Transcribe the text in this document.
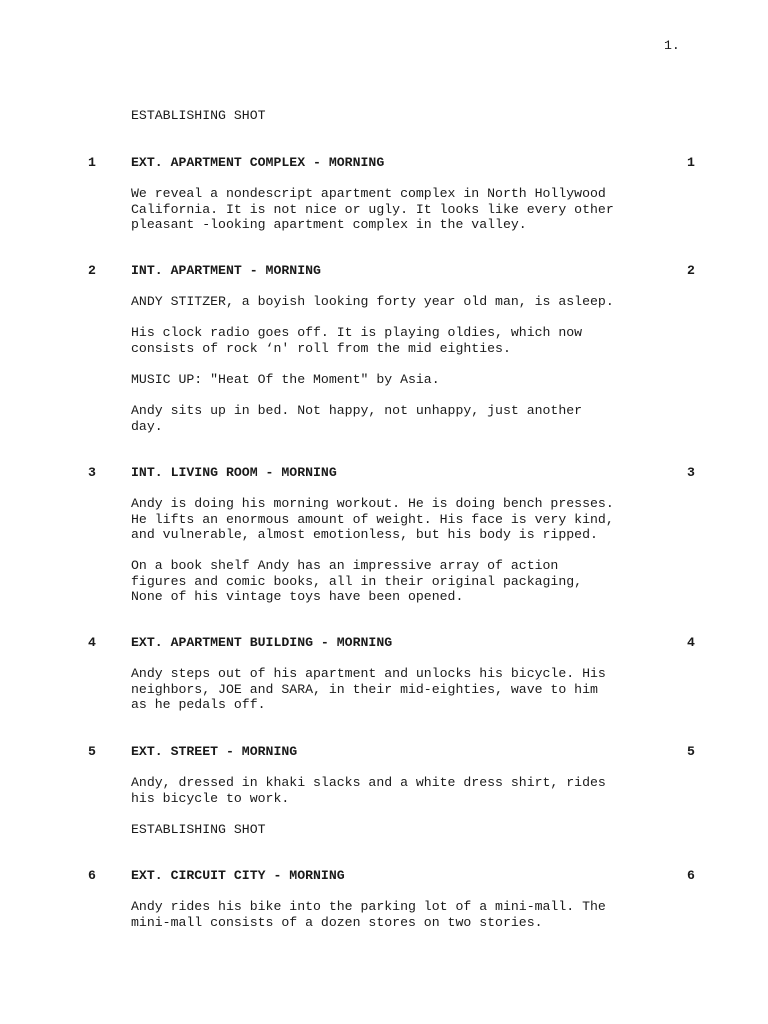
1.
ESTABLISHING SHOT
1	EXT. APARTMENT COMPLEX - MORNING	1
We reveal a nondescript apartment complex in North Hollywood
California. It is not nice or ugly. It looks like every other
pleasant -looking apartment complex in the valley.
2	INT. APARTMENT - MORNING	2
ANDY STITZER, a boyish looking forty year old man, is asleep.
His clock radio goes off. It is playing oldies, which now
consists of rock ‘n' roll from the mid eighties.
MUSIC UP: "Heat Of the Moment" by Asia.
Andy sits up in bed. Not happy, not unhappy, just another
day.
3	INT. LIVING ROOM - MORNING	3
Andy is doing his morning workout. He is doing bench presses.
He lifts an enormous amount of weight. His face is very kind,
and vulnerable, almost emotionless, but his body is ripped.
On a book shelf Andy has an impressive array of action
figures and comic books, all in their original packaging,
None of his vintage toys have been opened.
4	EXT. APARTMENT BUILDING - MORNING	4
Andy steps out of his apartment and unlocks his bicycle. His
neighbors, JOE and SARA, in their mid-eighties, wave to him
as he pedals off.
5	EXT. STREET - MORNING	5
Andy, dressed in khaki slacks and a white dress shirt, rides
his bicycle to work.
ESTABLISHING SHOT
6	EXT. CIRCUIT CITY - MORNING	6
Andy rides his bike into the parking lot of a mini-mall. The
mini-mall consists of a dozen stores on two stories.
